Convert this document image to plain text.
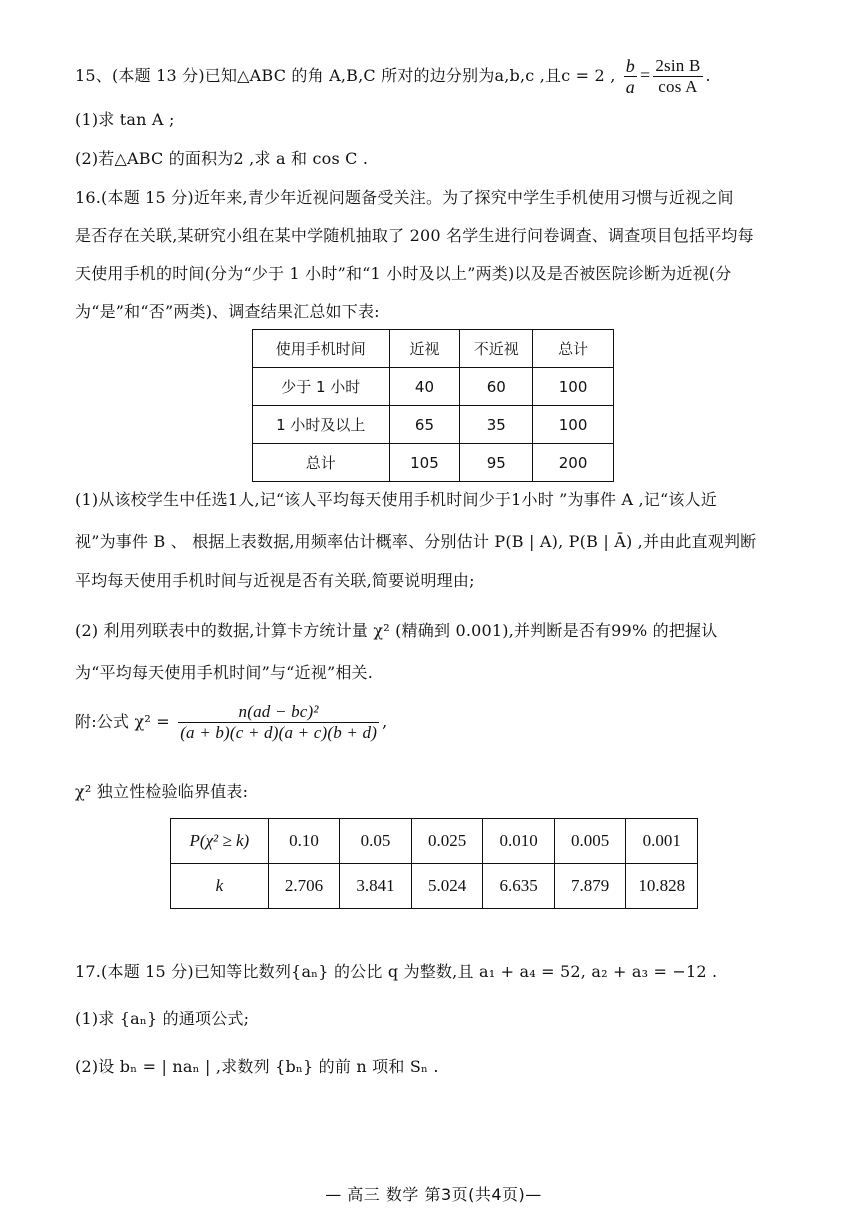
15、(本题 13 分)已知△ABC 的角 A,B,C 所对的边分别为a,b,c ,且c = 2 , $\frac{b}{a} = \frac{\text{2sin B}}{\text{cos A}}$ .
(1)求 tan A ;
(2)若△ABC 的面积为2 ,求 a 和 cos C .
16.(本题 15 分)近年来,青少年近视问题备受关注。为了探究中学生手机使用习惯与近视之间
是否存在关联,某研究小组在某中学随机抽取了 200 名学生进行问卷调查、调查项目包括平均每
天使用手机的时间(分为“少于 1 小时”和“1 小时及以上”两类)以及是否被医院诊断为近视(分
为“是”和“否”两类)、调查结果汇总如下表:
使用手机时间	近视	不近视	总计
少于 1 小时	40	60	100
1 小时及以上	65	35	100
总计	105	95	200
(1)从该校学生中任选1人,记“该人平均每天使用手机时间少于1小时 ”为事件 A ,记“该人近
视”为事件 B 、 根据上表数据,用频率估计概率、分别估计 P(B | A), P(B | Ā) ,并由此直观判断
平均每天使用手机时间与近视是否有关联,简要说明理由;
(2) 利用列联表中的数据,计算卡方统计量 χ² (精确到 0.001),并判断是否有99% 的把握认
为“平均每天使用手机时间”与“近视”相关.
附:公式 $\chi^2 = \frac{\text{n(ad − bc)²}}{(a + b)(c + d)(a + c)(b + d)}$ ,
χ² 独立性检验临界值表:
P(χ² ≥ k)	0.10	0.05	0.025	0.010	0.005	0.001
k	2.706	3.841	5.024	6.635	7.879	10.828
17.(本题 15 分)已知等比数列{aₙ} 的公比 q 为整数,且 a₁ + a₄ = 52, a₂ + a₃ = −12 .
(1)求 {aₙ} 的通项公式;
(2)设 bₙ = | naₙ | ,求数列 {bₙ} 的前 n 项和 Sₙ .
— 高三 数学 第3页(共4页)—
